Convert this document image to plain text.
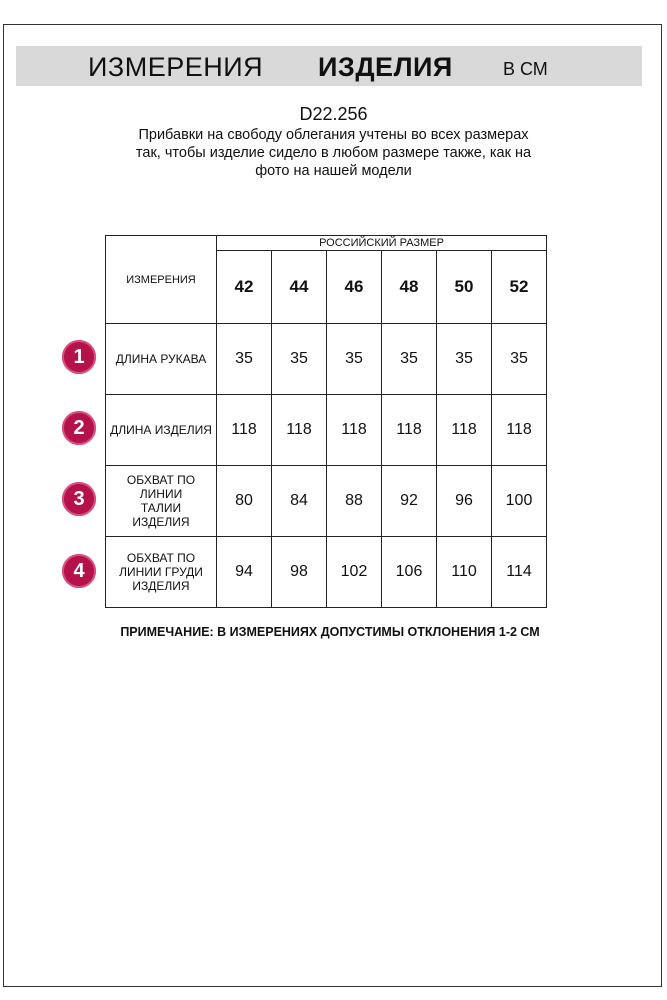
ИЗМЕРЕНИЯ ИЗДЕЛИЯ	В СМ
D22.256
Прибавки на свободу облегания учтены во всех размерах
так, чтобы изделие сидело в любом размере также, как на
фото на нашей модели
ИЗМЕРЕНИЯ	РОССИЙСКИЙ РАЗМЕР					
	42	44	46	48	50	52
ДЛИНА РУКАВА	35	35	35	35	35	35
ДЛИНА ИЗДЕЛИЯ	118	118	118	118	118	118
ОБХВАТ ПО ЛИНИИ ТАЛИИ ИЗДЕЛИЯ	80	84	88	92	96	100
ОБХВАТ ПО ЛИНИИ ГРУДИ ИЗДЕЛИЯ	94	98	102	106	110	114
1
2
3
4
ПРИМЕЧАНИЕ: В ИЗМЕРЕНИЯХ ДОПУСТИМЫ ОТКЛОНЕНИЯ 1-2 СМ
